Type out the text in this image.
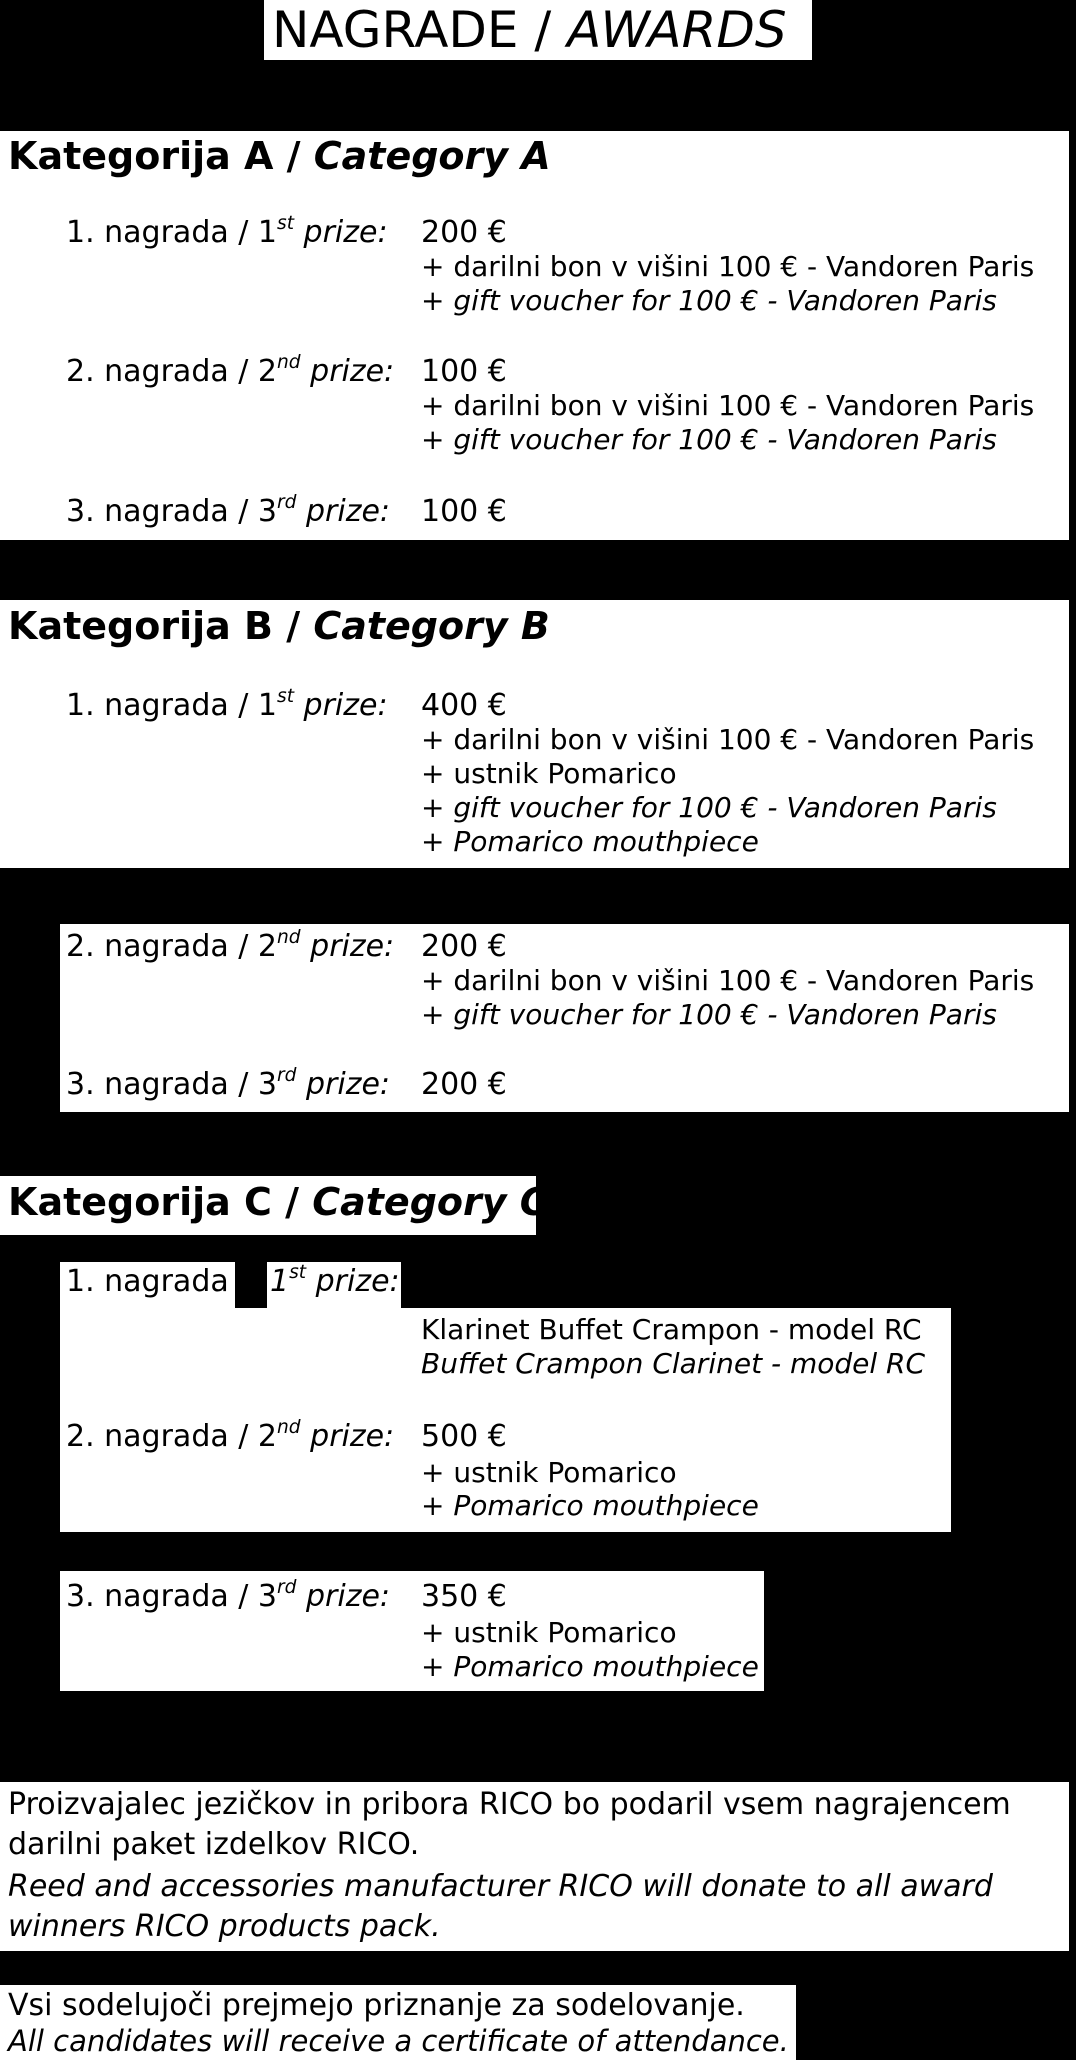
NAGRADE / AWARDS
Kategorija A / Category A
1. nagrada / 1st prize: 200 €
+ darilni bon v višini 100 € - Vandoren Paris
+ gift voucher for 100 € - Vandoren Paris
2. nagrada / 2nd prize: 100 €
+ darilni bon v višini 100 € - Vandoren Paris
+ gift voucher for 100 € - Vandoren Paris
3. nagrada / 3rd prize: 100 €
Kategorija B / Category B
1. nagrada / 1st prize: 400 €
+ darilni bon v višini 100 € - Vandoren Paris
+ ustnik Pomarico
+ gift voucher for 100 € - Vandoren Paris
+ Pomarico mouthpiece
2. nagrada / 2nd prize: 200 €
+ darilni bon v višini 100 € - Vandoren Paris
+ gift voucher for 100 € - Vandoren Paris
3. nagrada / 3rd prize: 200 €
Kategorija C / Category C
1. nagrada 1st prize:
Klarinet Buffet Crampon - model RC
Buffet Crampon Clarinet - model RC
2. nagrada / 2nd prize: 500 €
+ ustnik Pomarico
+ Pomarico mouthpiece
3. nagrada / 3rd prize: 350 €
+ ustnik Pomarico
+ Pomarico mouthpiece
Proizvajalec jezičkov in pribora RICO bo podaril vsem nagrajencem
darilni paket izdelkov RICO.
Reed and accessories manufacturer RICO will donate to all award
winners RICO products pack.
Vsi sodelujoči prejmejo priznanje za sodelovanje.
All candidates will receive a certificate of attendance.
